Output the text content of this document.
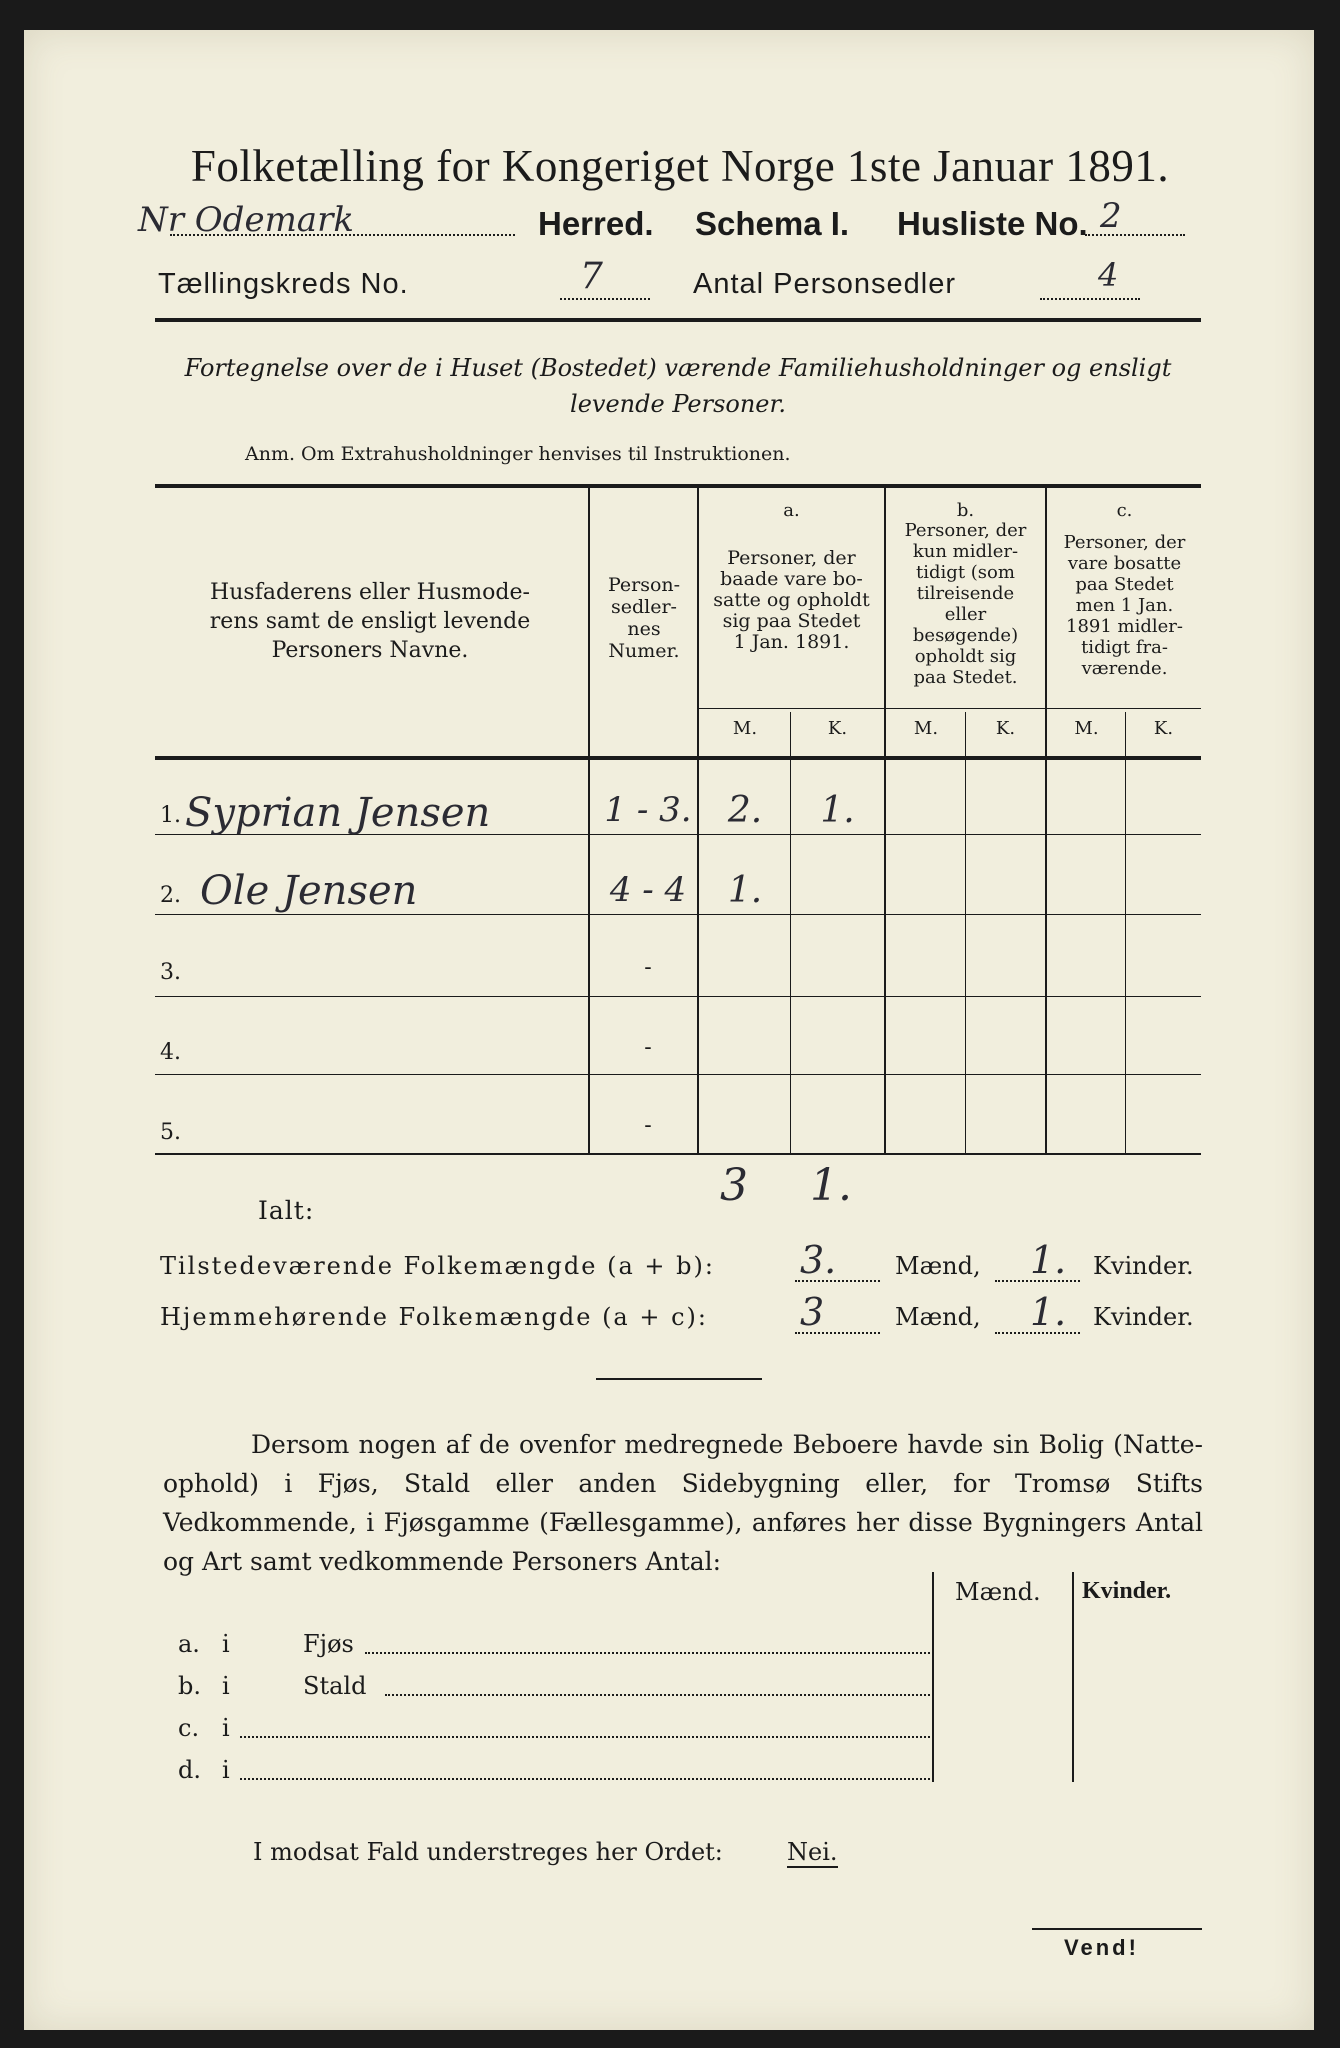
Folketælling for Kongeriget Norge 1ste Januar 1891.
Nr Odemark	Herred. Schema I. Husliste No. 2
Tællingskreds No.	7	Antal Personsedler	4
Fortegnelse over de i Huset (Bostedet) værende Familiehusholdninger og ensligt
levende Personer.
Anm. Om Extrahusholdninger henvises til Instruktionen.
Husfaderens eller Husmode-
rens samt de ensligt levende
Personers Navne.
Person-
sedler-
nes
Numer.
a.
Personer, der
baade vare bo-
satte og opholdt
sig paa Stedet
1 Jan. 1891.
b.
Personer, der
kun midler-
tidigt (som
tilreisende
eller
besøgende)
opholdt sig
paa Stedet.
c.
Personer, der
vare bosatte
paa Stedet
men 1 Jan.
1891 midler-
tidigt fra-
værende.
M.	K.	M.	K.	M.	K.
1. Syprian Jensen	1 - 3.	2.	1.
2. Ole Jensen	4 - 4	1.
3.	-
4.	-
5.	-
Ialt:	3 1.
Tilstedeværende Folkemængde (a + b): 3. Mænd, 1. Kvinder.
Hjemmehørende Folkemængde (a + c): 3	Mænd, 1. Kvinder.
Dersom nogen af de ovenfor medregnede Beboere havde sin Bolig (Natte-ophold) i Fjøs, Stald eller anden Sidebygning eller, for Tromsø Stifts Vedkommende, i Fjøsgamme (Fællesgamme), anføres her disse Bygningers Antal og Art samt vedkommende Personers Antal:
Mænd. Kvinder.
a. i	Fjøs
b. i	Stald
c. i
d. i
I modsat Fald understreges her Ordet:	Nei.
Vend!
